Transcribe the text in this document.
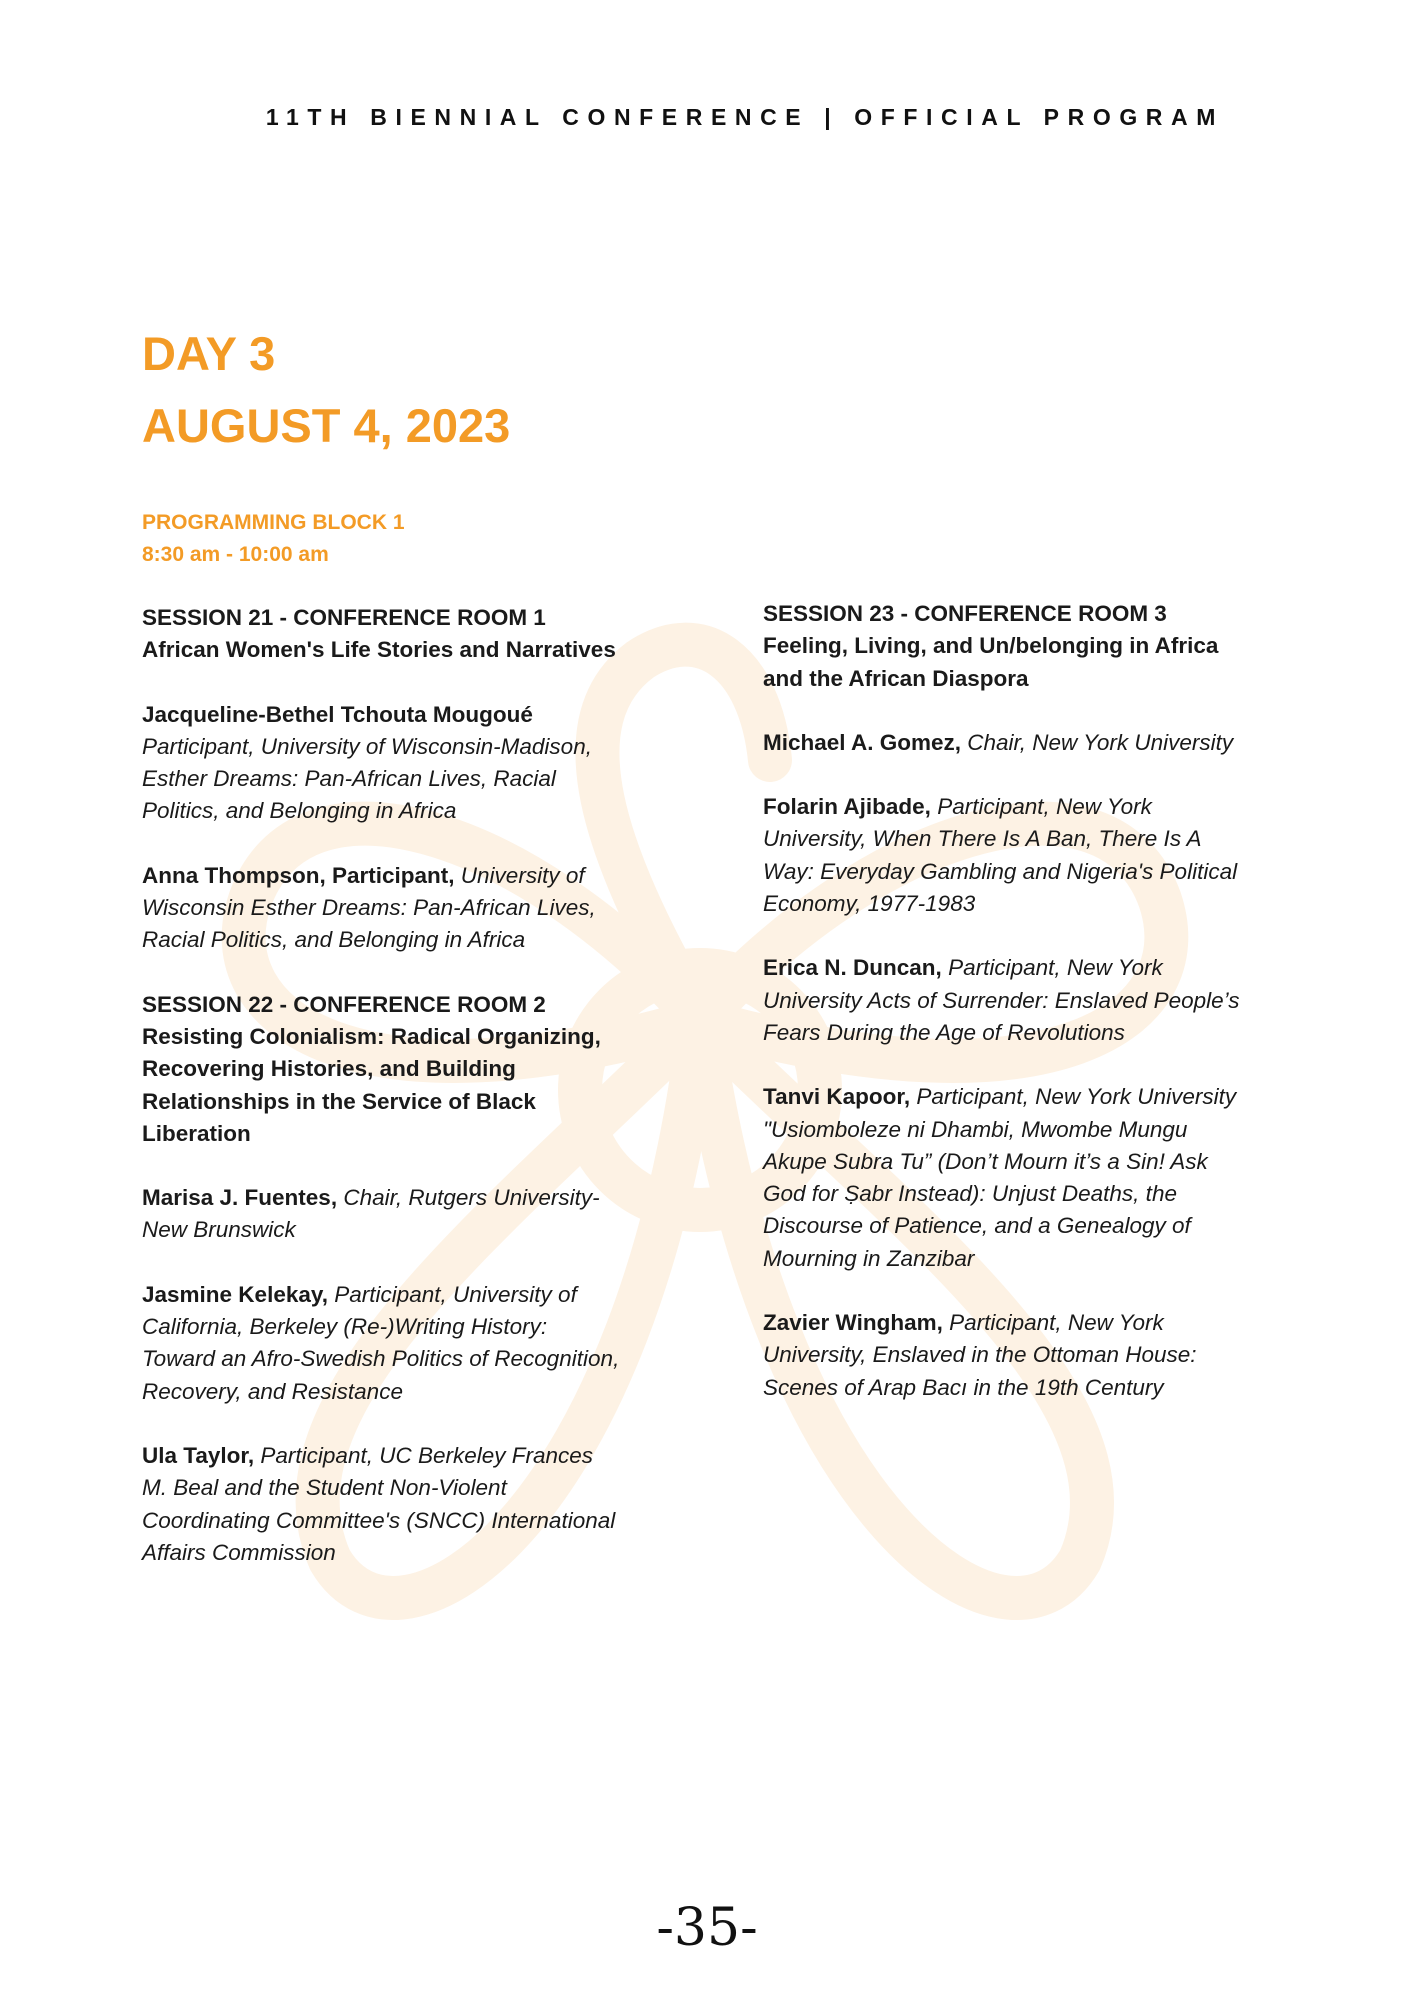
11TH BIENNIAL CONFERENCE | OFFICIAL PROGRAM
DAY 3
AUGUST 4, 2023
PROGRAMMING BLOCK 1
8:30 am - 10:00 am
SESSION 21 - CONFERENCE ROOM 1
African Women's Life Stories and Narratives
Jacqueline-Bethel Tchouta Mougoué Participant, University of Wisconsin-Madison, Esther Dreams: Pan-African Lives, Racial Politics, and Belonging in Africa
Anna Thompson, Participant, University of Wisconsin Esther Dreams: Pan-African Lives, Racial Politics, and Belonging in Africa
SESSION 22 - CONFERENCE ROOM 2
Resisting Colonialism: Radical Organizing, Recovering Histories, and Building Relationships in the Service of Black Liberation
Marisa J. Fuentes, Chair, Rutgers University-New Brunswick
Jasmine Kelekay, Participant, University of California, Berkeley (Re-)Writing History: Toward an Afro-Swedish Politics of Recognition, Recovery, and Resistance
Ula Taylor, Participant, UC Berkeley Frances M. Beal and the Student Non-Violent Coordinating Committee's (SNCC) International Affairs Commission
SESSION 23 - CONFERENCE ROOM 3
Feeling, Living, and Un/belonging in Africa and the African Diaspora
Michael A. Gomez, Chair, New York University
Folarin Ajibade, Participant, New York University, When There Is A Ban, There Is A Way: Everyday Gambling and Nigeria's Political Economy, 1977-1983
Erica N. Duncan, Participant, New York University Acts of Surrender: Enslaved People’s Fears During the Age of Revolutions
Tanvi Kapoor, Participant, New York University "Usiomboleze ni Dhambi, Mwombe Mungu Akupe Subra Tu” (Don’t Mourn it’s a Sin! Ask God for Ṣabr Instead): Unjust Deaths, the Discourse of Patience, and a Genealogy of Mourning in Zanzibar
Zavier Wingham, Participant, New York University, Enslaved in the Ottoman House: Scenes of Arap Bacı in the 19th Century
-35-
